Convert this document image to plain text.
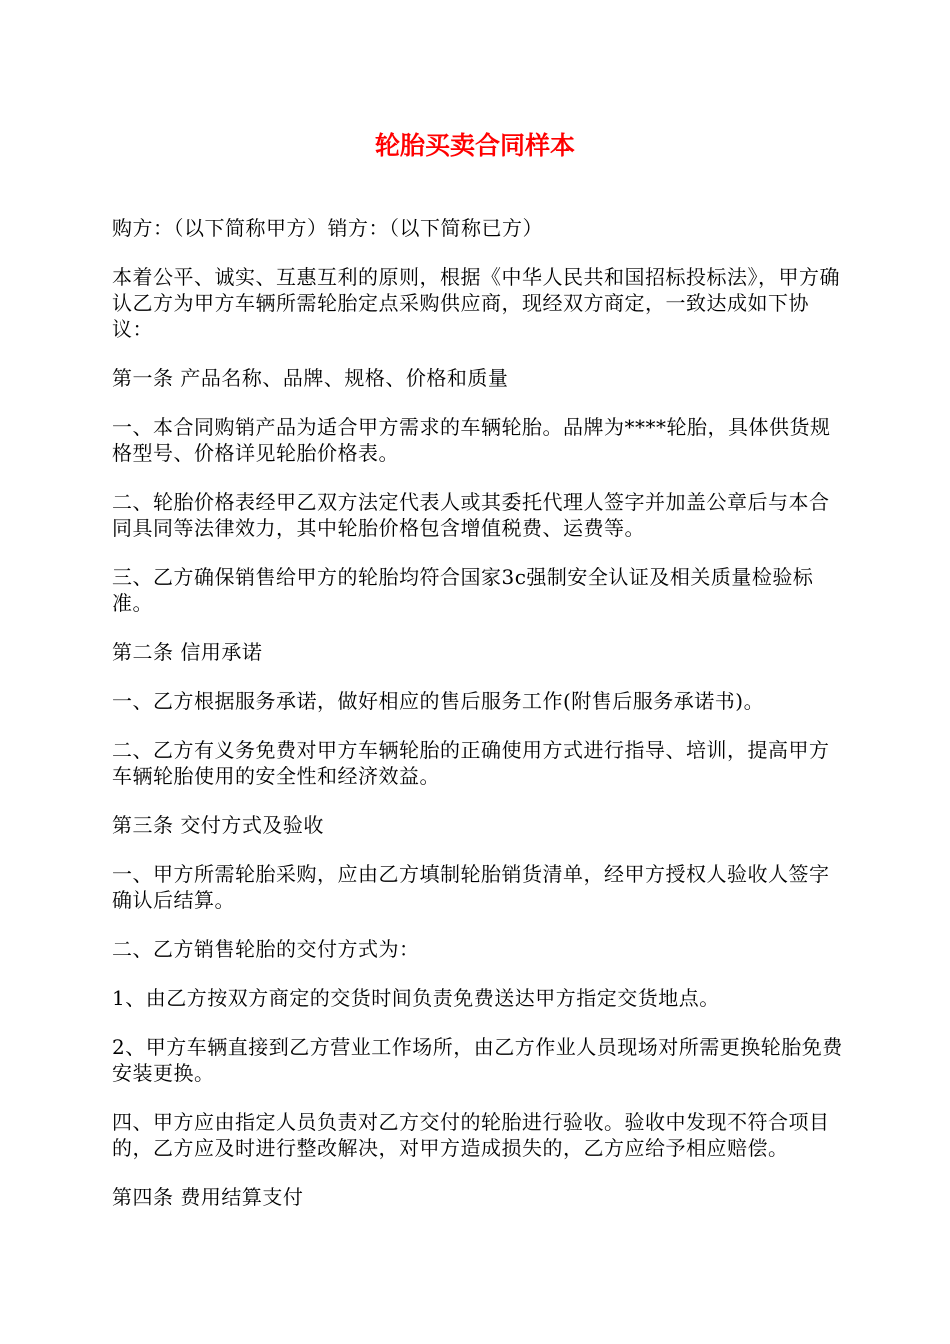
轮胎买卖合同样本

购方：（以下简称甲方）销方：（以下简称已方）

本着公平、诚实、互惠互利的原则，根据《中华人民共和国招标投标法》，甲方确认乙方为甲方车辆所需轮胎定点采购供应商，现经双方商定，一致达成如下协议：

第一条 产品名称、品牌、规格、价格和质量

一、本合同购销产品为适合甲方需求的车辆轮胎。品牌为****轮胎，具体供货规格型号、价格详见轮胎价格表。

二、轮胎价格表经甲乙双方法定代表人或其委托代理人签字并加盖公章后与本合同具同等法律效力，其中轮胎价格包含增值税费、运费等。

三、乙方确保销售给甲方的轮胎均符合国家3c强制安全认证及相关质量检验标准。

第二条 信用承诺

一、乙方根据服务承诺，做好相应的售后服务工作(附售后服务承诺书)。

二、乙方有义务免费对甲方车辆轮胎的正确使用方式进行指导、培训，提高甲方车辆轮胎使用的安全性和经济效益。

第三条 交付方式及验收

一、甲方所需轮胎采购，应由乙方填制轮胎销货清单，经甲方授权人验收人签字确认后结算。

二、乙方销售轮胎的交付方式为：

1、由乙方按双方商定的交货时间负责免费送达甲方指定交货地点。

2、甲方车辆直接到乙方营业工作场所，由乙方作业人员现场对所需更换轮胎免费安装更换。

四、甲方应由指定人员负责对乙方交付的轮胎进行验收。验收中发现不符合项目的，乙方应及时进行整改解决，对甲方造成损失的，乙方应给予相应赔偿。

第四条 费用结算支付
